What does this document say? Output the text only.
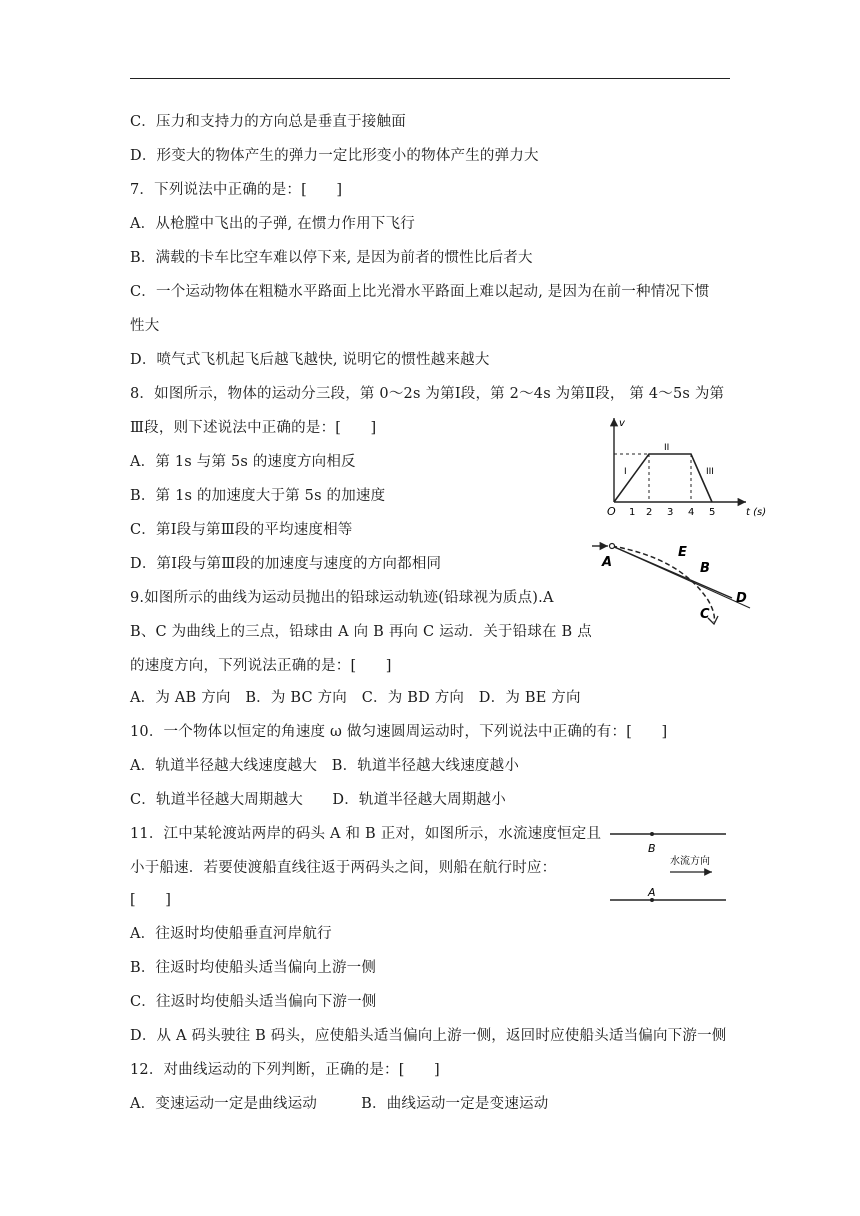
C．压力和支持力的方向总是垂直于接触面
D．形变大的物体产生的弹力一定比形变小的物体产生的弹力大
7．下列说法中正确的是：[　　]
A．从枪膛中飞出的子弹, 在惯力作用下飞行
B．满载的卡车比空车难以停下来, 是因为前者的惯性比后者大
C．一个运动物体在粗糙水平路面上比光滑水平路面上难以起动, 是因为在前一种情况下惯
性大
D．喷气式飞机起飞后越飞越快, 说明它的惯性越来越大
8．如图所示，物体的运动分三段，第 0～2s 为第Ⅰ段，第 2～4s 为第Ⅱ段， 第 4～5s 为第
Ⅲ段，则下述说法中正确的是：[　　]
A．第 1s 与第 5s 的速度方向相反
B．第 1s 的加速度大于第 5s 的加速度
C．第Ⅰ段与第Ⅲ段的平均速度相等
D．第Ⅰ段与第Ⅲ段的加速度与速度的方向都相同
9.如图所示的曲线为运动员抛出的铅球运动轨迹(铅球视为质点).A
B、C 为曲线上的三点，铅球由 A 向 B 再向 C 运动．关于铅球在 B 点
的速度方向，下列说法正确的是：[　　]
A．为 AB 方向　B．为 BC 方向　C．为 BD 方向　D．为 BE 方向
10．一个物体以恒定的角速度 ω 做匀速圆周运动时，下列说法中正确的有：[　　]
A．轨道半径越大线速度越大　B．轨道半径越大线速度越小
C．轨道半径越大周期越大　　D．轨道半径越大周期越小
11．江中某轮渡站两岸的码头 A 和 B 正对，如图所示，水流速度恒定且
小于船速．若要使渡船直线往返于两码头之间，则船在航行时应：
[　　]
A．往返时均使船垂直河岸航行
B．往返时均使船头适当偏向上游一侧
C．往返时均使船头适当偏向下游一侧
D．从 A 码头驶往 B 码头，应使船头适当偏向上游一侧，返回时应使船头适当偏向下游一侧
12．对曲线运动的下列判断，正确的是：[　　]
A．变速运动一定是曲线运动　　　B．曲线运动一定是变速运动
v
I
II
III
O 1 2 3 4 5	t (s)
A
E
B
C
D
B
A
水流方向
